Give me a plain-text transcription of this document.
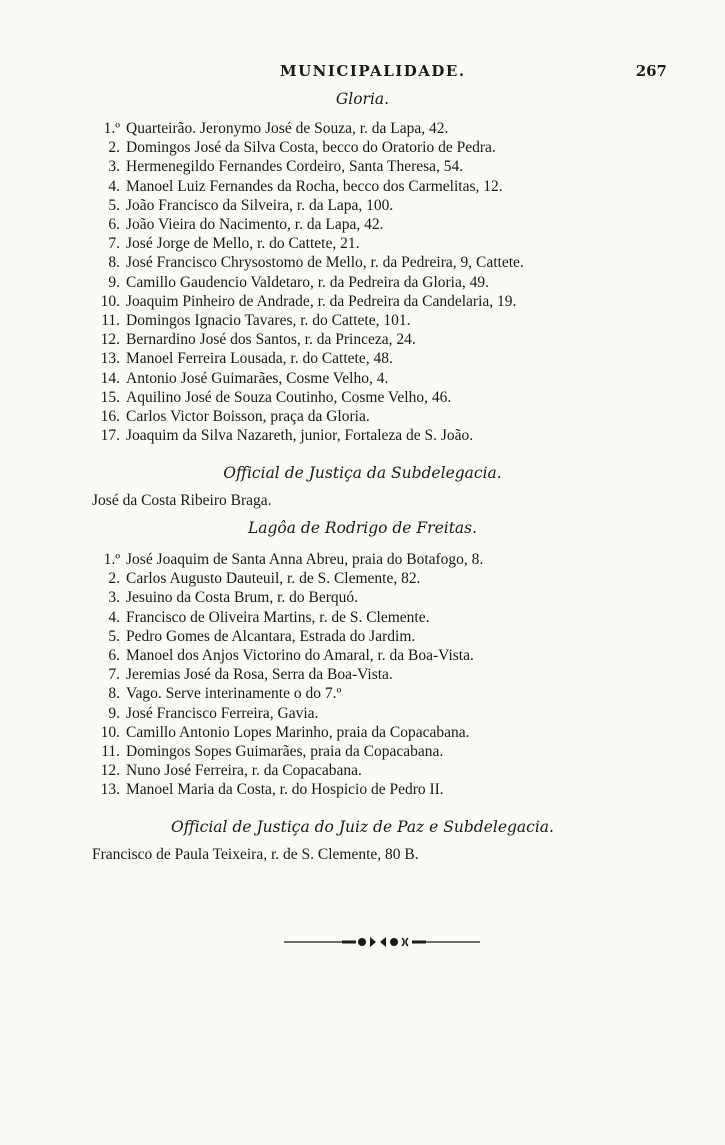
MUNICIPALIDADE.	267
Gloria.
1.º Quarteirão. Jeronymo José de Souza, r. da Lapa, 42.
2. Domingos José da Silva Costa, becco do Oratorio de Pedra.
3. Hermenegildo Fernandes Cordeiro, Santa Theresa, 54.
4. Manoel Luiz Fernandes da Rocha, becco dos Carmelitas, 12.
5. João Francisco da Silveira, r. da Lapa, 100.
6. João Vieira do Nacimento, r. da Lapa, 42.
7. José Jorge de Mello, r. do Cattete, 21.
8. José Francisco Chrysostomo de Mello, r. da Pedreira, 9, Cattete.
9. Camillo Gaudencio Valdetaro, r. da Pedreira da Gloria, 49.
10. Joaquim Pinheiro de Andrade, r. da Pedreira da Candelaria, 19.
11. Domingos Ignacio Tavares, r. do Cattete, 101.
12. Bernardino José dos Santos, r. da Princeza, 24.
13. Manoel Ferreira Lousada, r. do Cattete, 48.
14. Antonio José Guimarães, Cosme Velho, 4.
15. Aquilino José de Souza Coutinho, Cosme Velho, 46.
16. Carlos Victor Boisson, praça da Gloria.
17. Joaquim da Silva Nazareth, junior, Fortaleza de S. João.
Official de Justiça da Subdelegacia.
José da Costa Ribeiro Braga.
Lagôa de Rodrigo de Freitas.
1.º José Joaquim de Santa Anna Abreu, praia do Botafogo, 8.
2. Carlos Augusto Dauteuil, r. de S. Clemente, 82.
3. Jesuino da Costa Brum, r. do Berquó.
4. Francisco de Oliveira Martins, r. de S. Clemente.
5. Pedro Gomes de Alcantara, Estrada do Jardim.
6. Manoel dos Anjos Victorino do Amaral, r. da Boa-Vista.
7. Jeremias José da Rosa, Serra da Boa-Vista.
8. Vago. Serve interinamente o do 7.º
9. José Francisco Ferreira, Gavia.
10. Camillo Antonio Lopes Marinho, praia da Copacabana.
11. Domingos Sopes Guimarães, praia da Copacabana.
12. Nuno José Ferreira, r. da Copacabana.
13. Manoel Maria da Costa, r. do Hospicio de Pedro II.
Official de Justiça do Juiz de Paz e Subdelegacia.
Francisco de Paula Teixeira, r. de S. Clemente, 80 B.
